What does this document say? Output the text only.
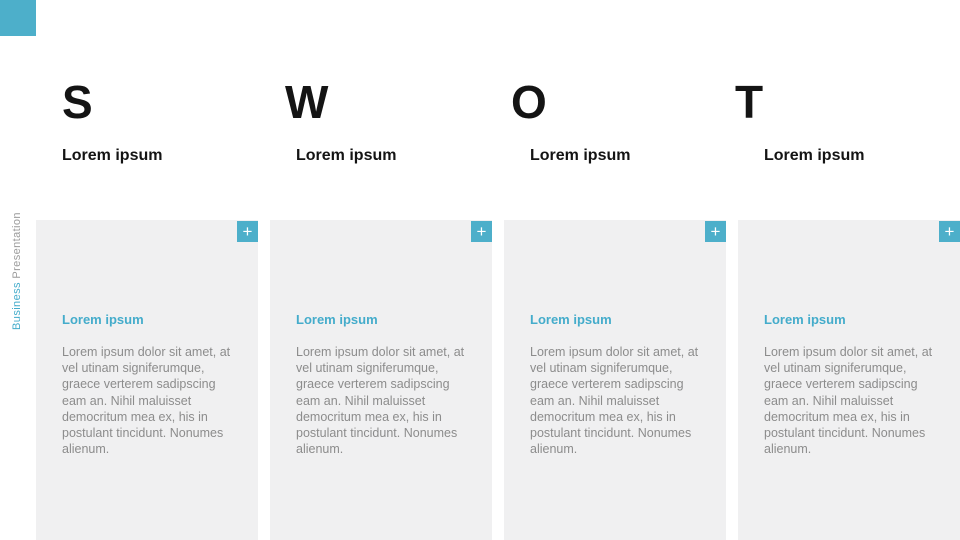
Business Presentation
S
Lorem ipsum
+
Lorem ipsum
Lorem ipsum dolor sit amet, at
vel utinam signiferumque,
graece verterem sadipscing
eam an. Nihil maluisset
democritum mea ex, his in
postulant tincidunt. Nonumes
alienum.
W
Lorem ipsum
+
Lorem ipsum
Lorem ipsum dolor sit amet, at
vel utinam signiferumque,
graece verterem sadipscing
eam an. Nihil maluisset
democritum mea ex, his in
postulant tincidunt. Nonumes
alienum.
O
Lorem ipsum
+
Lorem ipsum
Lorem ipsum dolor sit amet, at
vel utinam signiferumque,
graece verterem sadipscing
eam an. Nihil maluisset
democritum mea ex, his in
postulant tincidunt. Nonumes
alienum.
T
Lorem ipsum
+
Lorem ipsum
Lorem ipsum dolor sit amet, at
vel utinam signiferumque,
graece verterem sadipscing
eam an. Nihil maluisset
democritum mea ex, his in
postulant tincidunt. Nonumes
alienum.
